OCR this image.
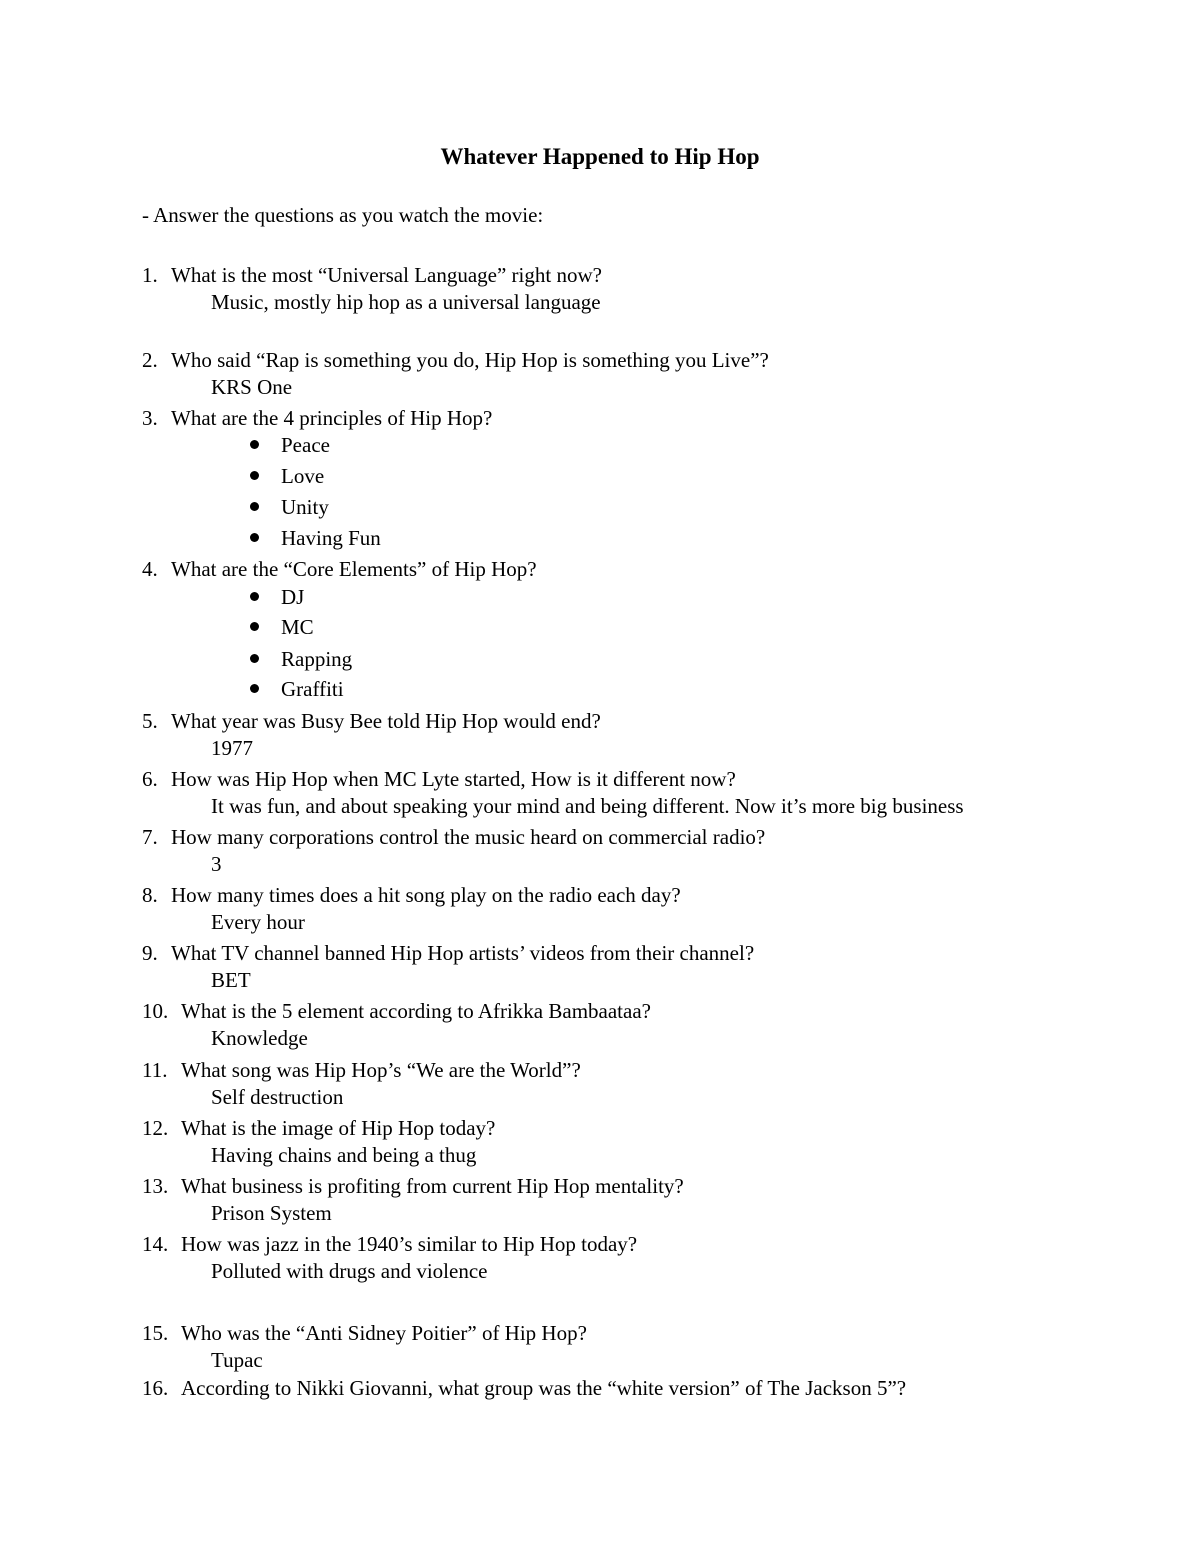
Whatever Happened to Hip Hop
- Answer the questions as you watch the movie:
1. What is the most “Universal Language” right now?
Music, mostly hip hop as a universal language
2. Who said “Rap is something you do, Hip Hop is something you Live”?
KRS One
3. What are the 4 principles of Hip Hop?
Peace
Love
Unity
Having Fun
4. What are the “Core Elements” of Hip Hop?
DJ
MC
Rapping
Graffiti
5. What year was Busy Bee told Hip Hop would end?
1977
6. How was Hip Hop when MC Lyte started, How is it different now?
It was fun, and about speaking your mind and being different. Now it’s more big business
7. How many corporations control the music heard on commercial radio?
3
8. How many times does a hit song play on the radio each day?
Every hour
9. What TV channel banned Hip Hop artists’ videos from their channel?
BET
10. What is the 5 element according to Afrikka Bambaataa?
Knowledge
11. What song was Hip Hop’s “We are the World”?
Self destruction
12. What is the image of Hip Hop today?
Having chains and being a thug
13. What business is profiting from current Hip Hop mentality?
Prison System
14. How was jazz in the 1940’s similar to Hip Hop today?
Polluted with drugs and violence
15. Who was the “Anti Sidney Poitier” of Hip Hop?
Tupac
16. According to Nikki Giovanni, what group was the “white version” of The Jackson 5”?
